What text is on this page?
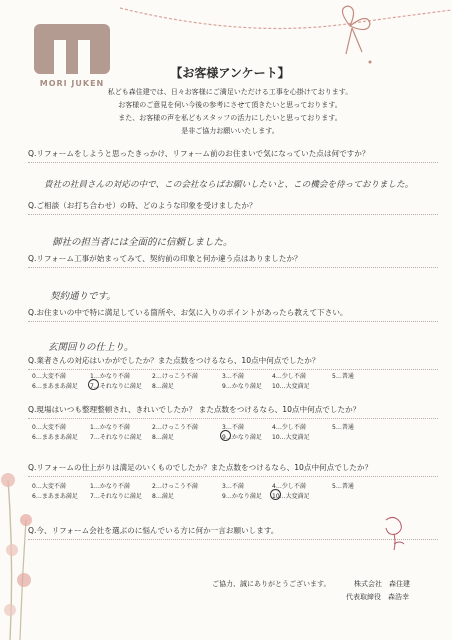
MORI JUKEN
【お客様アンケート】
私ども森住建では、日々お客様にご満足いただける工事を心掛けております。
お客様のご意見を伺い今後の参考にさせて頂きたいと思っております。
また、お客様の声を私どもスタッフの活力にしたいと思っております。
是非ご協力お願いいたします。
Q.リフォームをしようと思ったきっかけ、リフォーム前のお住まいで気になっていた点は何ですか？
貴社の社員さんの対応の中で、この会社ならばお願いしたいと、この機会を待っておりました。
Q.ご相談（お打ち合わせ）の時、どのような印象を受けましたか？
御社の担当者には全面的に信頼しました。
Q.リフォーム工事が始まってみて、契約前の印象と何か違う点はありましたか？
契約通りです。
Q.お住まいの中で特に満足している箇所や、お気に入りのポイントがあったら教えて下さい。
玄関回りの仕上り。
Q.業者さんの対応はいかがでしたか？また点数をつけるなら、10点中何点でしたか？
0…大変不満	1…かなり不満	2…けっこう不満	3…不満	4…少し不満	5…普通
6…まあまあ満足 7…それなりに満足 8…満足	9…かなり満足 10…大変満足
Q.現場はいつも整理整頓され、きれいでしたか？ また点数をつけるなら、10点中何点でしたか？
0…大変不満	1…かなり不満	2…けっこう不満	3…不満	4…少し不満	5…普通
6…まあまあ満足 7…それなりに満足 8…満足	9…かなり満足 10…大変満足
Q.リフォームの仕上がりは満足のいくものでしたか？また点数をつけるなら、10点中何点でしたか？
0…大変不満	1…かなり不満	2…けっこう不満	3…不満	4…少し不満	5…普通
6…まあまあ満足 7…それなりに満足 8…満足	9…かなり満足 10…大変満足
Q.今、リフォーム会社を選ぶのに悩んでいる方に何か一言お願いします。
ご協力、誠にありがとうございます。	株式会社　森住建
代表取締役　森浩幸
